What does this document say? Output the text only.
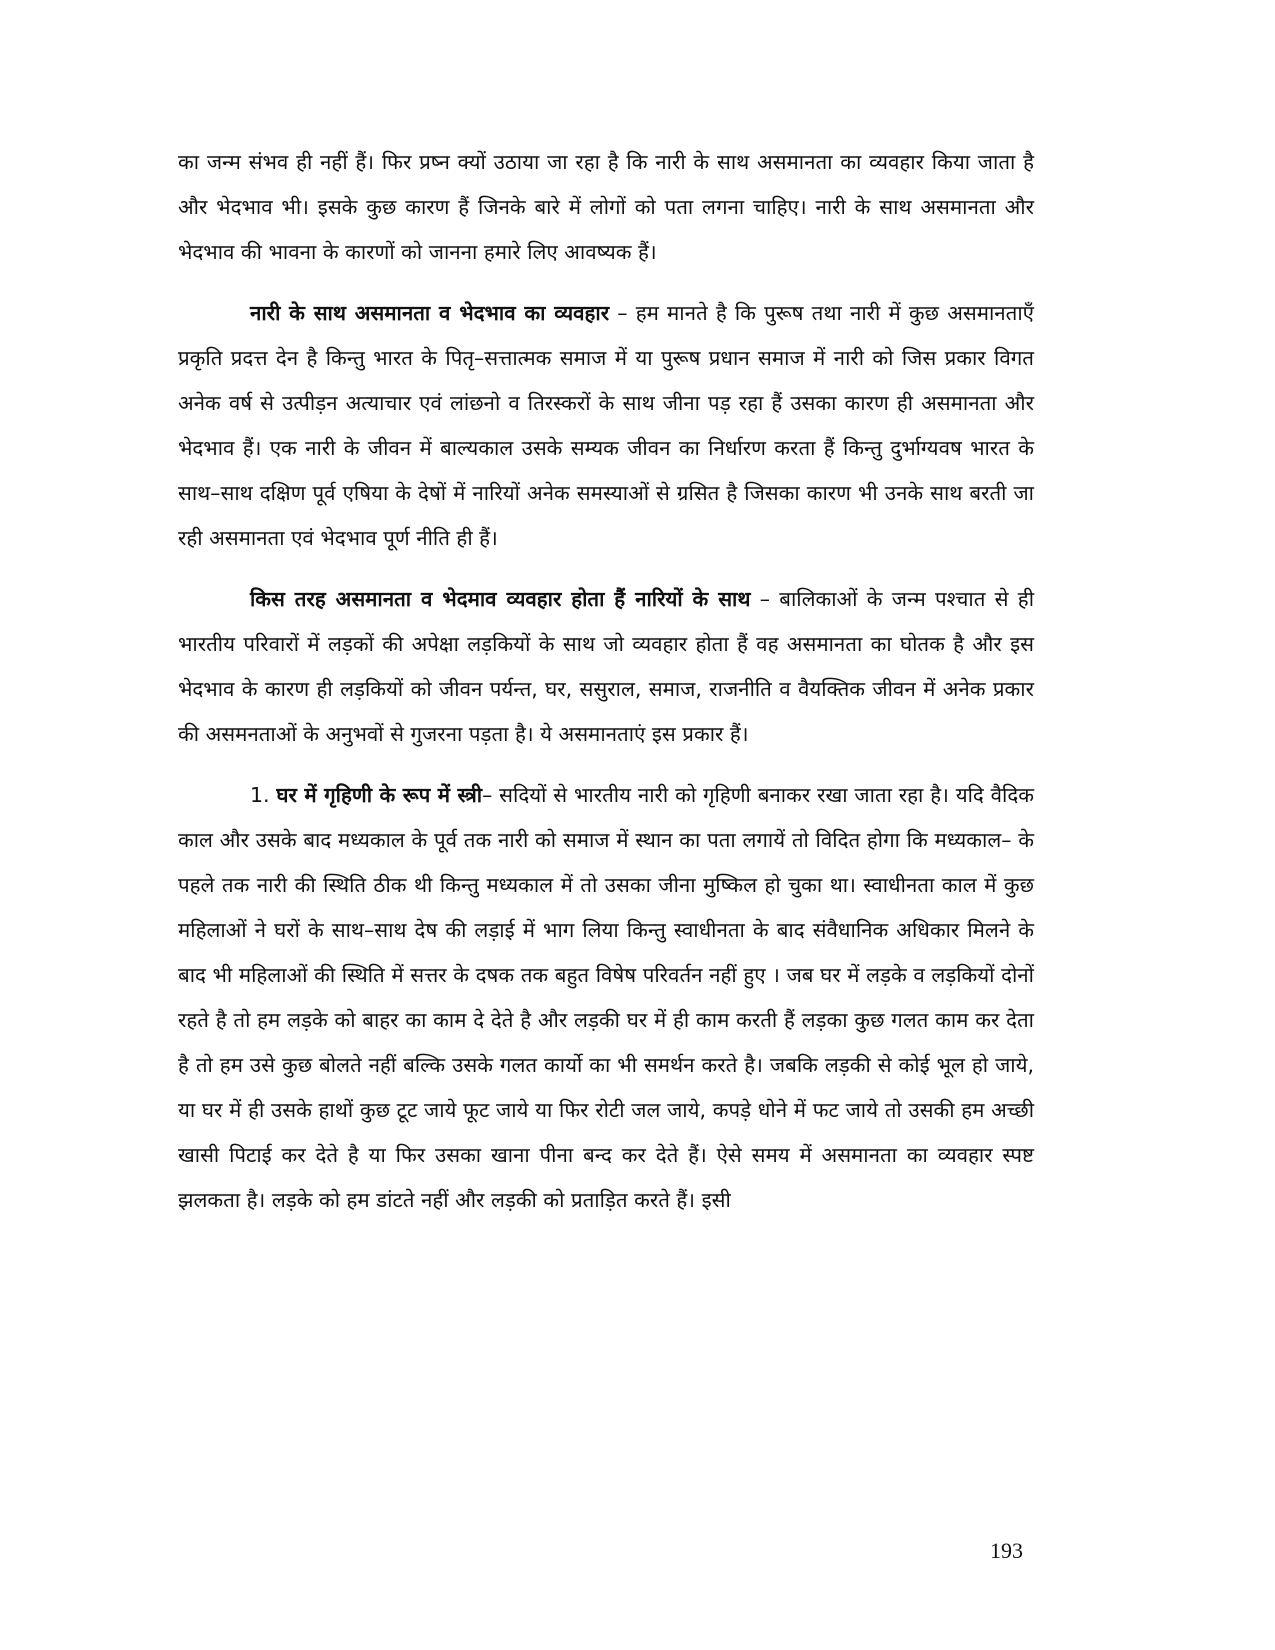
का जन्म संभव ही नहीं हैं। फिर प्रष्न क्यों उठाया जा रहा है कि नारी के साथ असमानता का व्यवहार किया जाता है और भेदभाव भी। इसके कुछ कारण हैं जिनके बारे में लोगों को पता लगना चाहिए। नारी के साथ असमानता और भेदभाव की भावना के कारणों को जानना हमारे लिए आवष्यक हैं।

नारी के साथ असमानता व भेदभाव का व्यवहार – हम मानते है कि पुरूष तथा नारी में कुछ असमानताएँ प्रकृति प्रदत्त देन है किन्तु भारत के पितृ–सत्तात्मक समाज में या पुरूष प्रधान समाज में नारी को जिस प्रकार विगत अनेक वर्ष से उत्पीड़न अत्याचार एवं लांछनो व तिरस्करों के साथ जीना पड़ रहा हैं उसका कारण ही असमानता और भेदभाव हैं। एक नारी के जीवन में बाल्यकाल उसके सम्यक जीवन का निर्धारण करता हैं किन्तु दुर्भाग्यवष भारत के साथ–साथ दक्षिण पूर्व एषिया के देषों में नारियों अनेक समस्याओं से ग्रसित है जिसका कारण भी उनके साथ बरती जा रही असमानता एवं भेदभाव पूर्ण नीति ही हैं।

किस तरह असमानता व भेदमाव व्यवहार होता हैं नारियों के साथ – बालिकाओं के जन्म पश्चात से ही भारतीय परिवारों में लड़कों की अपेक्षा लड़कियों के साथ जो व्यवहार होता हैं वह असमानता का घोतक है और इस भेदभाव के कारण ही लड़कियों को जीवन पर्यन्त, घर, ससुराल, समाज, राजनीति व वैयक्तिक जीवन में अनेक प्रकार की असमनताओं के अनुभवों से गुजरना पड़ता है। ये असमानताएं इस प्रकार हैं।

1. घर में गृहिणी के रूप में स्त्री– सदियों से भारतीय नारी को गृहिणी बनाकर रखा जाता रहा है। यदि वैदिक काल और उसके बाद मध्यकाल के पूर्व तक नारी को समाज में स्थान का पता लगायें तो विदित होगा कि मध्यकाल– के पहले तक नारी की स्थिति ठीक थी किन्तु मध्यकाल में तो उसका जीना मुष्किल हो चुका था। स्वाधीनता काल में कुछ महिलाओं ने घरों के साथ–साथ देष की लड़ाई में भाग लिया किन्तु स्वाधीनता के बाद संवैधानिक अधिकार मिलने के बाद भी महिलाओं की स्थिति में सत्तर के दषक तक बहुत विषेष परिवर्तन नहीं हुए । जब घर में लड़के व लड़कियों दोनों रहते है तो हम लड़के को बाहर का काम दे देते है और लड़की घर में ही काम करती हैं लड़का कुछ गलत काम कर देता है तो हम उसे कुछ बोलते नहीं बल्कि उसके गलत कार्यो का भी समर्थन करते है। जबकि लड़की से कोई भूल हो जाये, या घर में ही उसके हाथों कुछ टूट जाये फूट जाये या फिर रोटी जल जाये, कपड़े धोने में फट जाये तो उसकी हम अच्छी खासी पिटाई कर देते है या फिर उसका खाना पीना बन्द कर देते हैं। ऐसे समय में असमानता का व्यवहार स्पष्ट झलकता है। लड़के को हम डांटते नहीं और लड़की को प्रताड़ित करते हैं। इसी

193
